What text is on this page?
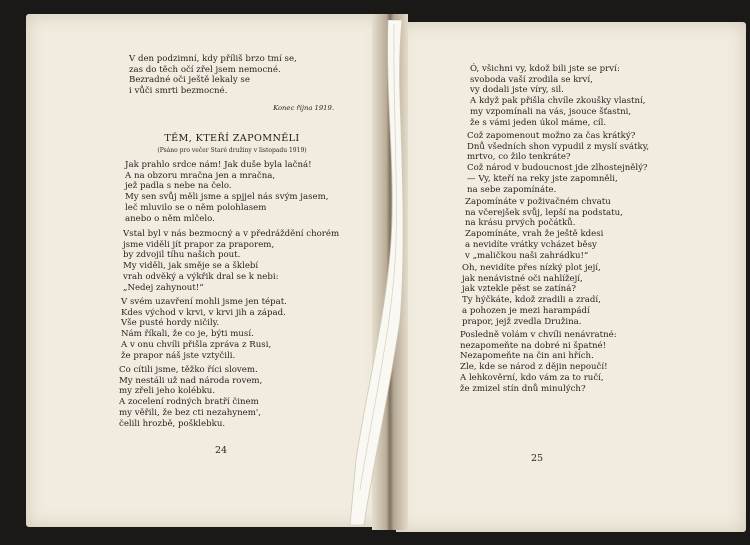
V den podzimní, kdy příliš brzo tmí se,
zas do těch očí zřel jsem nemocné.
Bezradné oči ještě lekaly se
i vůči smrti bezmocné.
Konec října 1919.
TĚM, KTEŘÍ ZAPOMNĚLI
(Psáno pro večer Staré družiny v listopadu 1919)
Jak prahlo srdce nám! Jak duše byla lačná!
A na obzoru mračna jen a mračna,
jež padla s nebe na čelo.
My sen svůj měli jsme a spjjel nás svým jasem,
leč mluvilo se o něm polohlasem
anebo o něm mlčelo.
Vstal byl v nás bezmocný a v předráždění chorém
jsme viděli jít prapor za praporem,
by zdvojil tíhu našich pout.
My viděli, jak směje se a šklebí
vrah odvěký a výkřik dral se k nebi:
„Nedej zahynout!“
V svém uzavření mohli jsme jen tépat.
Kdes východ v krvi, v krvi jih a západ.
Vše pusté hordy ničily.
Nám říkali, že co je, býti musí.
A v onu chvíli přišla zpráva z Rusi,
že prapor náš jste vztyčili.
Co cítili jsme, těžko říci slovem.
My nestáli už nad národa rovem,
my zřeli jeho kolébku.
A zocelení rodných bratří činem
my věřili, že bez cti nezahynem',
čelili hrozbě, pošklebku.
24
Ó, všichni vy, kdož bili jste se prví:
svoboda vaší zrodila se krví,
vy dodali jste víry, sil.
A když pak přišla chvíle zkoušky vlastní,
my vzpomínali na vás, jsouce šťastni,
že s vámi jeden úkol máme, cíl.
Což zapomenout možno za čas krátký?
Dnů všedních shon vypudil z myslí svátky,
mrtvo, co žilo tenkráte?
Což národ v budoucnost jde zlhostejnělý?
— Vy, kteří na reky jste zapomněli,
na sebe zapomínáte.
Zapomínáte v poživačném chvatu
na včerejšek svůj, lepší na podstatu,
na krásu prvých počátků.
Zapomínáte, vrah že ještě kdesi
a nevidíte vrátky vcházet běsy
v „maličkou naši zahrádku!“
Oh, nevidíte přes nízký plot její,
jak nenávistné oči nahlížejí,
jak vztekle pěst se zatíná?
Ty hýčkáte, kdož zradili a zradí,
a pohozen je mezi harampádí
prapor, jejž zvedla Družina.
Posledně volám v chvíli nenávratné:
nezapomeňte na dobré ni špatné!
Nezapomeňte na čin ani hřích.
Zle, kde se národ z dějin nepoučí!
A lehkověrní, kdo vám za to ručí,
že zmizel stín dnů minulých?
25
